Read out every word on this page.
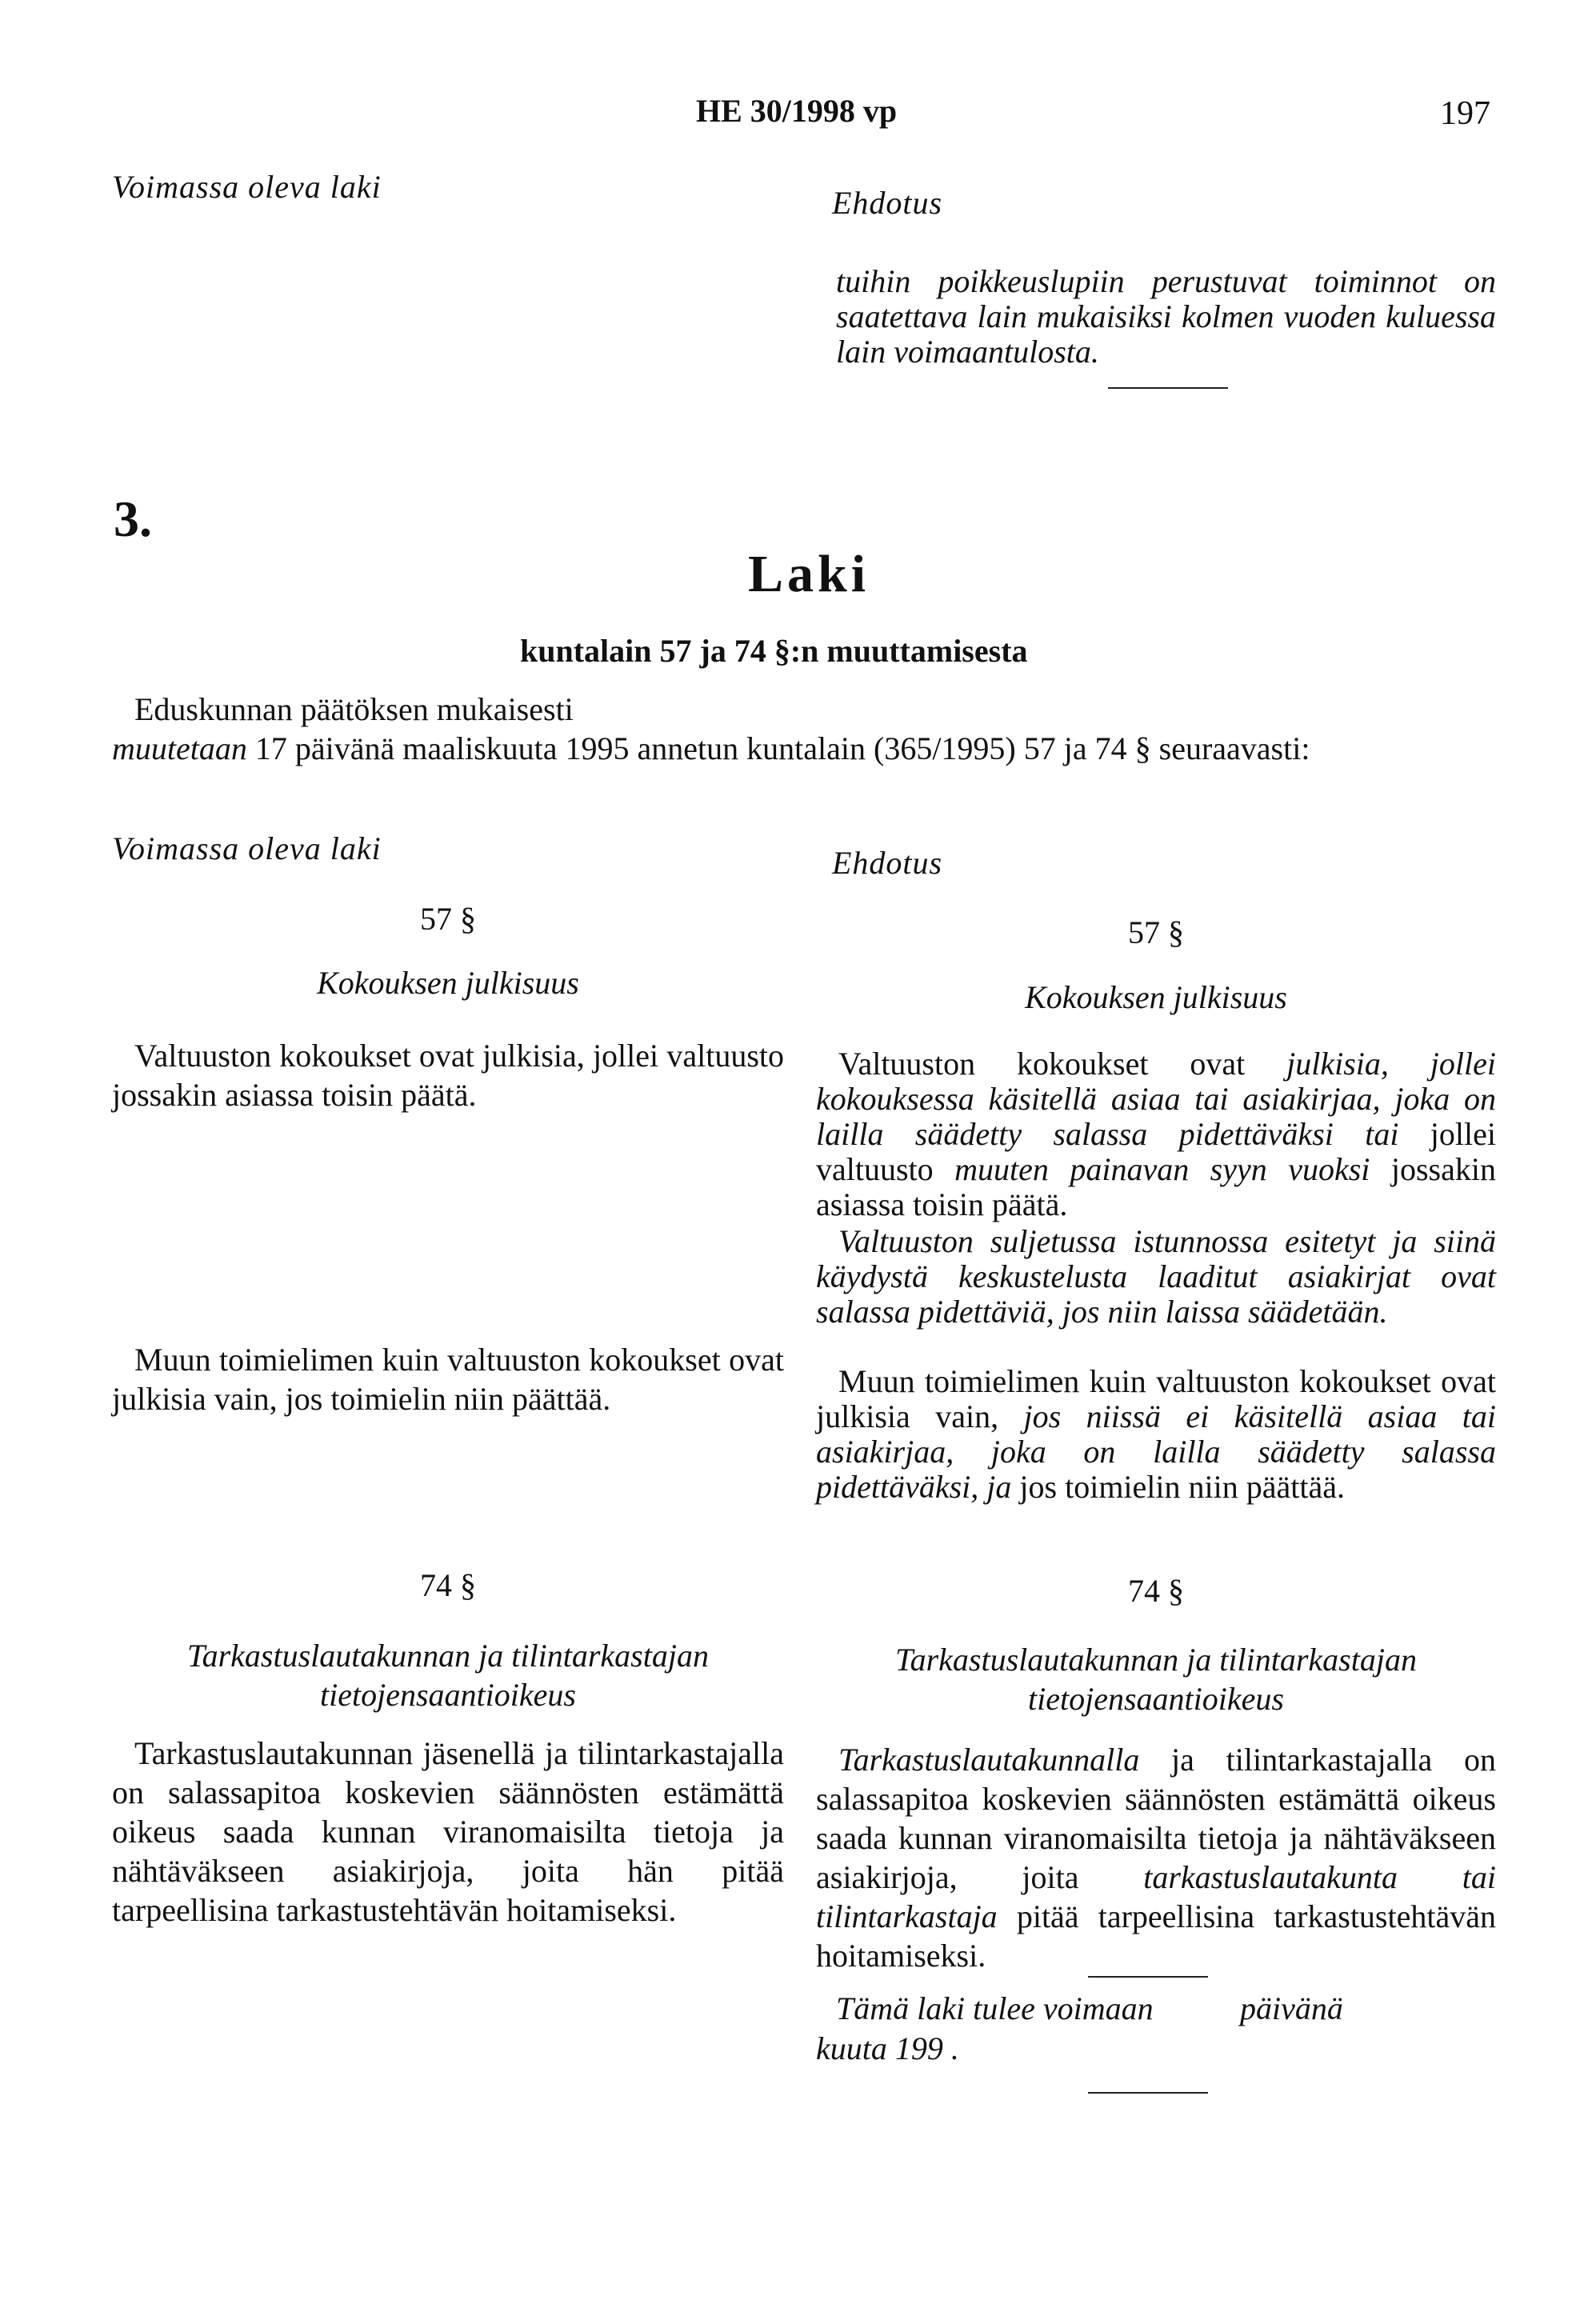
HE 30/1998 vp	197
Voimassa oleva laki	Ehdotus

tuihin poikkeuslupiin perustuvat toiminnot on saatettava lain mukaisiksi kolmen vuoden kuluessa lain voimaantulosta.

3.
Laki
kuntalain 57 ja 74 §:n muuttamisesta
Eduskunnan päätöksen mukaisesti

muutetaan 17 päivänä maaliskuuta 1995 annetun kuntalain (365/1995) 57 ja 74 § seuraavasti:

Voimassa oleva laki	Ehdotus
57 §
Kokouksen julkisuus

Valtuuston kokoukset ovat julkisia, jollei valtuusto jossakin asiassa toisin päätä.

Muun toimielimen kuin valtuuston kokoukset ovat julkisia vain, jos toimielin niin päättää.

74 §
Tarkastuslautakunnan ja tilintarkastajan tietojensaantioikeus

Tarkastuslautakunnan jäsenellä ja tilintarkastajalla on salassapitoa koskevien säännösten estämättä oikeus saada kunnan viranomaisilta tietoja ja nähtäväkseen asiakirjoja, joita hän pitää tarpeellisina tarkastustehtävän hoitamiseksi.

57 §
Kokouksen julkisuus

Valtuuston kokoukset ovat julkisia, jollei kokouksessa käsitellä asiaa tai asiakirjaa, joka on lailla säädetty salassa pidettäväksi tai jollei valtuusto muuten painavan syyn vuoksi jossakin asiassa toisin päätä.

Valtuuston suljetussa istunnossa esitetyt ja siinä käydystä keskustelusta laaditut asiakirjat ovat salassa pidettäviä, jos niin laissa säädetään.

Muun toimielimen kuin valtuuston kokoukset ovat julkisia vain, jos niissä ei käsitellä asiaa tai asiakirjaa, joka on lailla säädetty salassa pidettäväksi, ja jos toimielin niin päättää.

74 §
Tarkastuslautakunnan ja tilintarkastajan tietojensaantioikeus

Tarkastuslautakunnalla ja tilintarkastajalla on salassapitoa koskevien säännösten estämättä oikeus saada kunnan viranomaisilta tietoja ja nähtäväkseen asiakirjoja, joita tarkastuslautakunta tai tilintarkastaja pitää tarpeellisina tarkastustehtävän hoitamiseksi.

Tämä laki tulee voimaan	päivänä
kuuta 199 .
